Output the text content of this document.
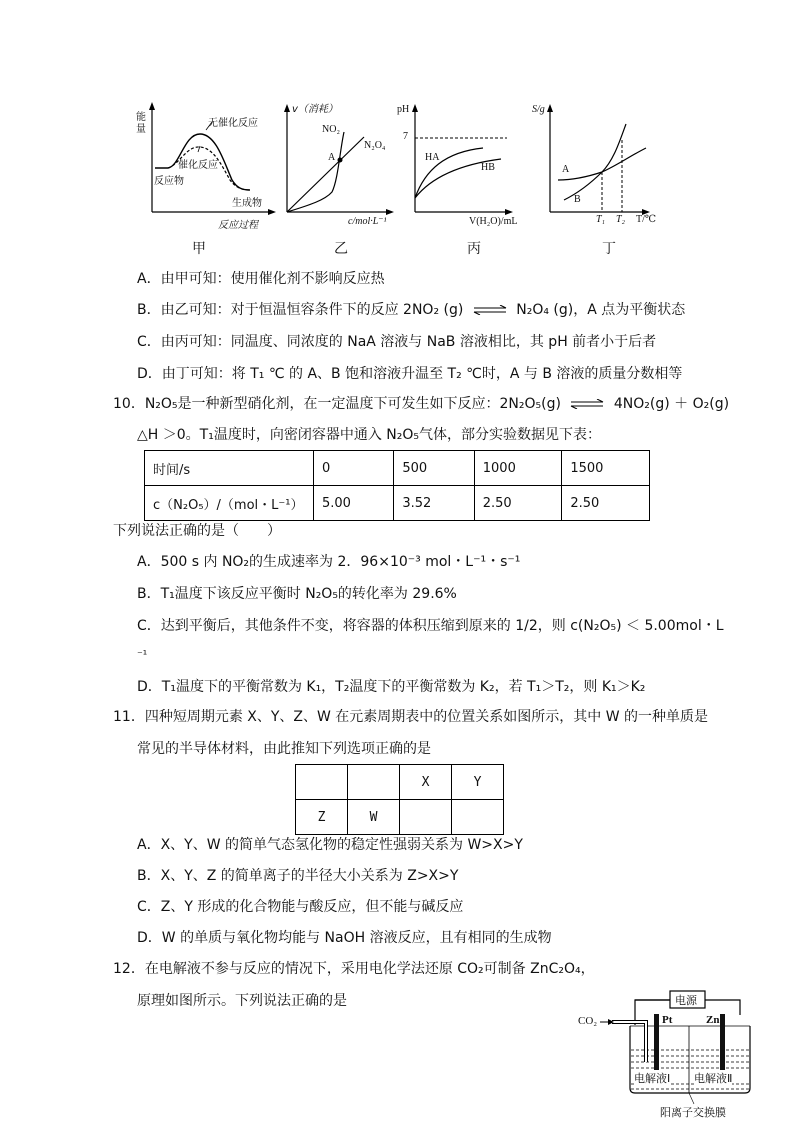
能量
无催化反应
催化反应
反应物
生成物
反应过程
甲
v（消耗）
NO₂
N₂O₄
A
c/mol·L⁻¹
乙
pH
7
HA
HB
V(H₂O)/mL
丙
S/g
A
B
T₁ T₂ T/℃
丁
A．由甲可知：使用催化剂不影响反应热
B．由乙可知：对于恒温恒容条件下的反应 2NO₂ (g) ⇌ N₂O₄ (g)，A 点为平衡状态
C．由丙可知：同温度、同浓度的 NaA 溶液与 NaB 溶液相比，其 pH 前者小于后者
D．由丁可知：将 T₁ ℃ 的 A、B 饱和溶液升温至 T₂ ℃时，A 与 B 溶液的质量分数相等
10．N₂O₅是一种新型硝化剂，在一定温度下可发生如下反应：2N₂O₅(g) ⇌ 4NO₂(g) ＋ O₂(g)
△H ＞0。T₁温度时，向密闭容器中通入 N₂O₅气体，部分实验数据见下表：
时间/s	0	500	1000	1500
c（N₂O₅）/（mol・L⁻¹）	5.00	3.52	2.50	2.50
下列说法正确的是（　　）
A．500 s 内 NO₂的生成速率为 2．96×10⁻³ mol・L⁻¹・s⁻¹
B．T₁温度下该反应平衡时 N₂O₅的转化率为 29.6%
C．达到平衡后，其他条件不变，将容器的体积压缩到原来的 1/2，则 c(N₂O₅) ＜ 5.00mol・L
⁻¹
D．T₁温度下的平衡常数为 K₁，T₂温度下的平衡常数为 K₂，若 T₁＞T₂，则 K₁＞K₂
11．四种短周期元素 X、Y、Z、W 在元素周期表中的位置关系如图所示，其中 W 的一种单质是
常见的半导体材料，由此推知下列选项正确的是
		X	Y
Z	W		
A．X、Y、W 的简单气态氢化物的稳定性强弱关系为 W>X>Y
B．X、Y、Z 的简单离子的半径大小关系为 Z>X>Y
C．Z、Y 形成的化合物能与酸反应，但不能与碱反应
D．W 的单质与氧化物均能与 NaOH 溶液反应，且有相同的生成物
12．在电解液不参与反应的情况下，采用电化学法还原 CO₂可制备 ZnC₂O₄，
原理如图所示。下列说法正确的是	电源
CO₂	Pt	Zn
电解液Ⅰ 电解液Ⅱ
阳离子交换膜
